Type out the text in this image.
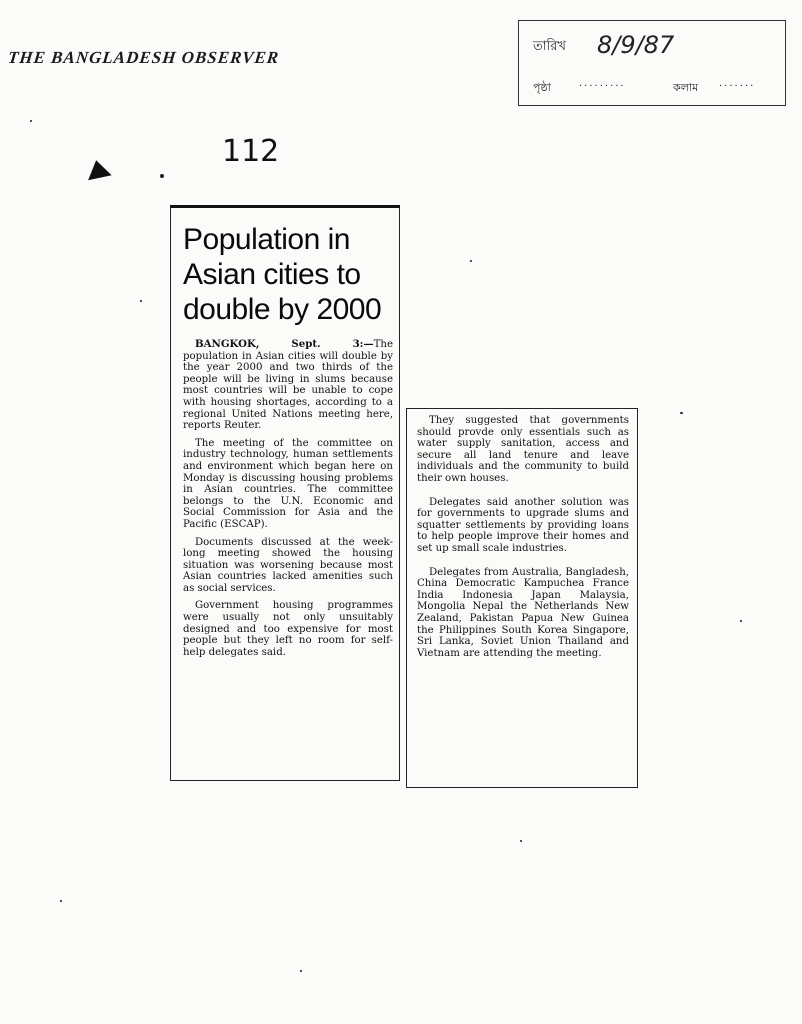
THE BANGLADESH OBSERVER
তারিখ 8/9/87
পৃষ্ঠা	·········	কলাম ·······
112
Population in Asian cities to double by 2000

BANGKOK, Sept. 3:—The population in Asian cities will double by the year 2000 and two thirds of the people will be living in slums because most countries will be unable to cope with housing shortages, according to a regional United Nations meeting here, reports Reuter.

The meeting of the committee on industry technology, human settlements and environment which began here on Monday is discussing housing problems in Asian countries. The committee belongs to the U.N. Economic and Social Commission for Asia and the Pacific (ESCAP).

Documents discussed at the week-long meeting showed the housing situation was worsening because most Asian countries lacked amenities such as social services.

Government housing programmes were usually not only unsuitably designed and too expensive for most people but they left no room for self-help delegates said.

They suggested that governments should provde only essentials such as water supply sanitation, access and secure all land tenure and leave individuals and the community to build their own houses.

Delegates said another solution was for governments to upgrade slums and squatter settlements by providing loans to help people improve their homes and set up small scale industries.

Delegates from Australia, Bangladesh, China Democratic Kampuchea France India Indonesia Japan Malaysia, Mongolia Nepal the Netherlands New Zealand, Pakistan Papua New Guinea the Philippines South Korea Singapore, Sri Lanka, Soviet Union Thailand and Vietnam are attending the meeting.
